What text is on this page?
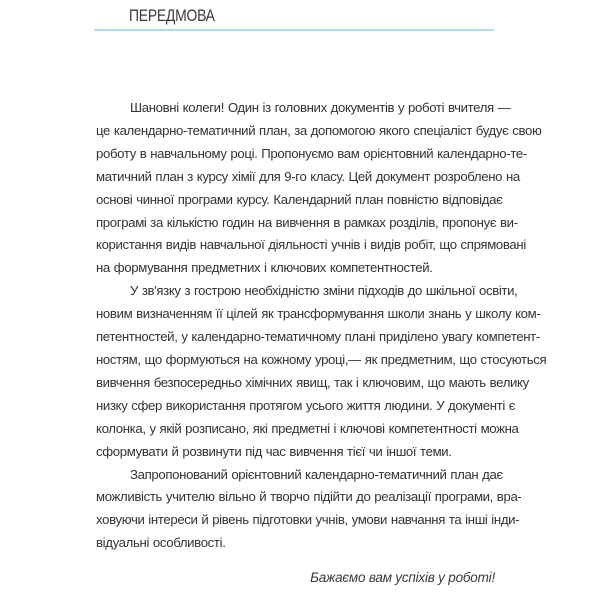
ПЕРЕДМОВА

Шановні колеги! Один із головних документів у роботі вчителя —
це календарно-тематичний план, за допомогою якого спеціаліст будує свою
роботу в навчальному році. Пропонуємо вам орієнтовний календарно-те-
матичний план з курсу хімії для 9-го класу. Цей документ розроблено на
основі чинної програми курсу. Календарний план повністю відповідає
програмі за кількістю годин на вивчення в рамках розділів, пропонує ви-
користання видів навчальної діяльності учнів і видів робіт, що спрямовані
на формування предметних і ключових компетентностей.

У зв'язку з гострою необхідністю зміни підходів до шкільної освіти,
новим визначенням її цілей як трансформування школи знань у школу ком-
петентностей, у календарно-тематичному плані приділено увагу компетент-
ностям, що формуються на кожному уроці,— як предметним, що стосуються
вивчення безпосередньо хімічних явищ, так і ключовим, що мають велику
низку сфер використання протягом усього життя людини. У документі є
колонка, у якій розписано, які предметні і ключові компетентності можна
сформувати й розвинути під час вивчення тієї чи іншої теми.

Запропонований орієнтовний календарно-тематичний план дає
можливість учителю вільно й творчо підійти до реалізації програми, вра-
ховуючи інтереси й рівень підготовки учнів, умови навчання та інші інди-
відуальні особливості.

Бажаємо вам успіхів у роботі!
